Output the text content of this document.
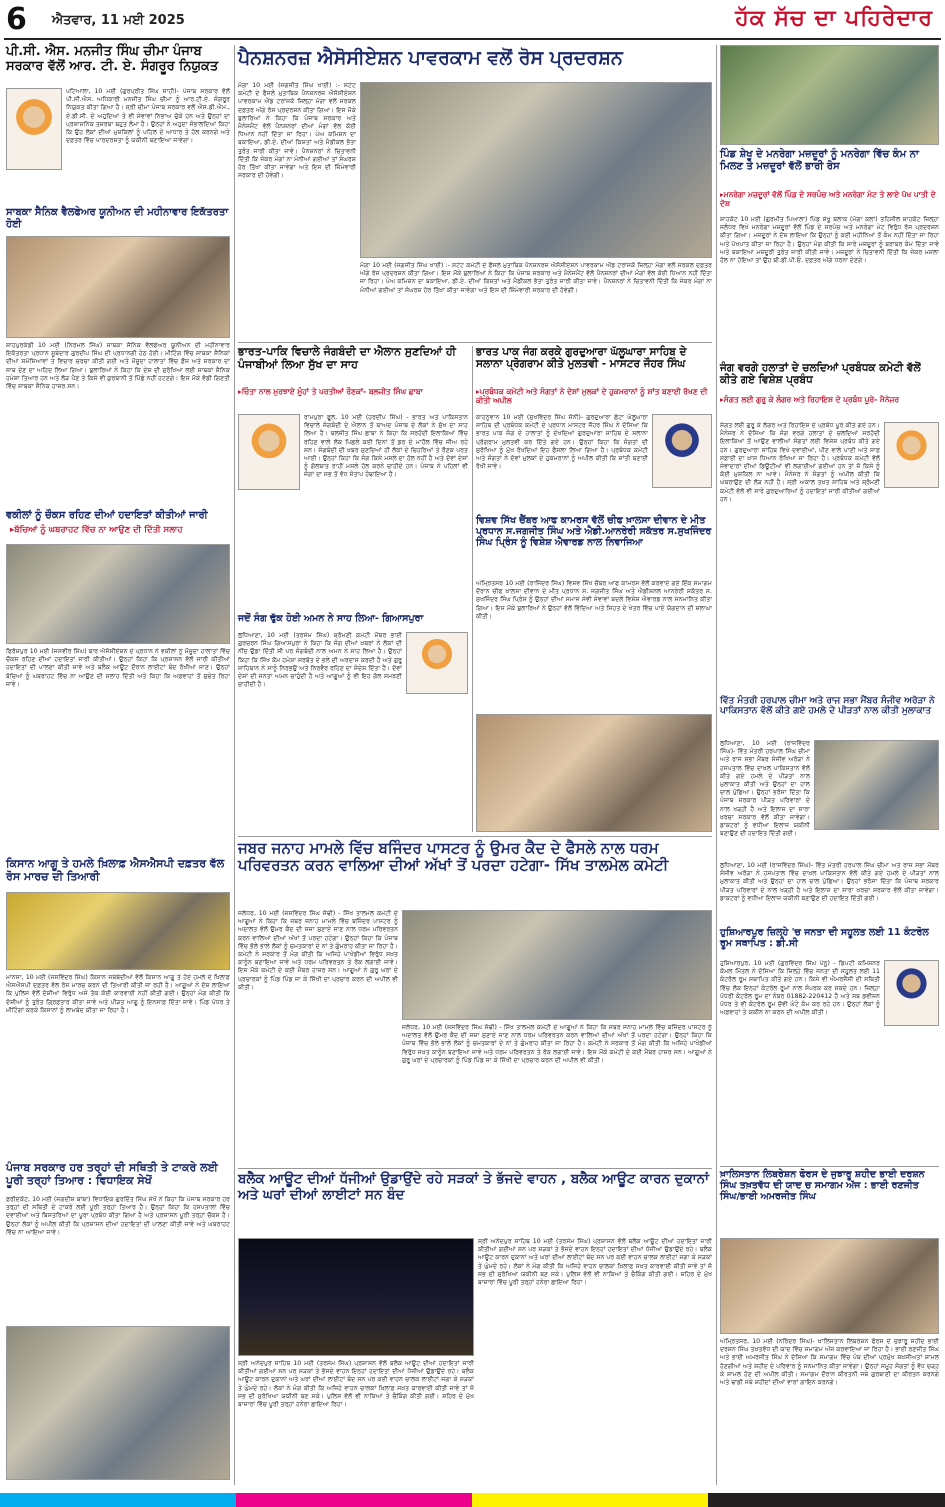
6 ਐਤਵਾਰ, 11 ਮਈ 2025	ਹੱਕ ਸੱਚ ਦਾ ਪਹਿਰੇਦਾਰ
ਪੀ.ਸੀ. ਐਸ. ਮਨਜੀਤ ਸਿੰਘ ਚੀਮਾ ਪੰਜਾਬ ਸਰਕਾਰ ਵੱਲੋਂ ਆਰ. ਟੀ. ਏ. ਸੰਗਰੂਰ ਨਿਯੁਕਤ
ਪਟਿਆਲਾ, 10 ਮਈ (ਗੁਰਪ੍ਰੀਤ ਸਿੰਘ ਸਾਹੀ)- ਪੰਜਾਬ ਸਰਕਾਰ ਵੱਲੋਂ ਪੀ.ਸੀ.ਐਸ. ਅਧਿਕਾਰੀ ਮਨਜੀਤ ਸਿੰਘ ਚੀਮਾ ਨੂੰ ਆਰ.ਟੀ.ਏ. ਸੰਗਰੂਰ ਨਿਯੁਕਤ ਕੀਤਾ ਗਿਆ ਹੈ। ਸ੍ਰੀ ਚੀਮਾ ਪੰਜਾਬ ਸਰਕਾਰ ਵਲੋਂ ਐਸ.ਡੀ.ਐਮ., ਏ.ਡੀ.ਸੀ. ਦੇ ਅਹੁਦਿਆਂ ਤੇ ਵੀ ਸੇਵਾਵਾਂ ਨਿਭਾਅ ਚੁੱਕੇ ਹਨ ਅਤੇ ਉਨ੍ਹਾਂ ਦਾ ਪ੍ਰਸ਼ਾਸਨਿਕ ਤਜ਼ਰਬਾ ਬਹੁਤ ਲੰਮਾ ਹੈ। ਉਨ੍ਹਾਂ ਨੇ ਅਹੁਦਾ ਸੰਭਾਲਦਿਆਂ ਕਿਹਾ ਕਿ ਉਹ ਲੋਕਾਂ ਦੀਆਂ ਮੁਸ਼ਕਿਲਾਂ ਨੂੰ ਪਹਿਲ ਦੇ ਆਧਾਰ ਤੇ ਹੱਲ ਕਰਨਗੇ ਅਤੇ ਦਫ਼ਤਰ ਵਿੱਚ ਪਾਰਦਰਸ਼ਤਾ ਨੂੰ ਯਕੀਨੀ ਬਣਾਇਆ ਜਾਵੇਗਾ।
ਸਾਬਕਾ ਸੈਨਿਕ ਵੈਲਫੇਅਰ ਯੂਨੀਅਨ ਦੀ ਮਹੀਨਾਵਾਰ ਇਕੱਤਰਤਾ ਹੋਈ
ਸ਼ਾਹਪੁਰਕੰਡੀ 10 ਮਈ (ਨਿਰਮਲ ਸਿੰਘ) ਸਾਬਕਾ ਸੈਨਿਕ ਵੈਲਫੇਅਰ ਯੂਨੀਅਨ ਦੀ ਮਹੀਨਾਵਾਰ ਇਕੱਤਰਤਾ ਪ੍ਰਧਾਨ ਸੂਬੇਦਾਰ ਗੁਰਦੀਪ ਸਿੰਘ ਦੀ ਪ੍ਰਧਾਨਗੀ ਹੇਠ ਹੋਈ। ਮੀਟਿੰਗ ਵਿੱਚ ਸਾਬਕਾ ਸੈਨਿਕਾਂ ਦੀਆਂ ਸਮੱਸਿਆਵਾਂ ਤੇ ਵਿਚਾਰ ਚਰਚਾ ਕੀਤੀ ਗਈ ਅਤੇ ਮੌਜੂਦਾ ਹਾਲਾਤਾਂ ਵਿੱਚ ਫ਼ੌਜ ਅਤੇ ਸਰਕਾਰ ਦਾ ਸਾਥ ਦੇਣ ਦਾ ਅਹਿਦ ਲਿਆ ਗਿਆ। ਬੁਲਾਰਿਆਂ ਨੇ ਕਿਹਾ ਕਿ ਦੇਸ਼ ਦੀ ਸੁਰੱਖਿਆ ਲਈ ਸਾਬਕਾ ਸੈਨਿਕ ਹਮੇਸ਼ਾ ਤਿਆਰ ਹਨ ਅਤੇ ਲੋੜ ਪੈਣ ਤੇ ਕਿਸੇ ਵੀ ਕੁਰਬਾਨੀ ਤੋਂ ਪਿੱਛੇ ਨਹੀਂ ਹਟਣਗੇ। ਇਸ ਮੌਕੇ ਵੱਡੀ ਗਿਣਤੀ ਵਿੱਚ ਸਾਬਕਾ ਸੈਨਿਕ ਹਾਜ਼ਰ ਸਨ।
ਵਕੀਲਾਂ ਨੂੰ ਚੌਕਸ ਰਹਿਣ ਦੀਆਂ ਹਦਾਇਤਾਂ ਕੀਤੀਆਂ ਜਾਰੀ
▸ ਬੱਚਿਆਂ ਨੂੰ ਘਬਰਾਹਟ ਵਿੱਚ ਨਾ ਆਉਣ ਦੀ ਦਿੱਤੀ ਸਲਾਹ
ਫਿਰੋਜ਼ਪੁਰ 10 ਮਈ (ਜਸਵੀਰ ਸਿੰਘ) ਬਾਰ ਐਸੋਸੀਏਸ਼ਨ ਦੇ ਪ੍ਰਧਾਨ ਨੇ ਵਕੀਲਾਂ ਨੂੰ ਮੌਜੂਦਾ ਹਾਲਾਤਾਂ ਵਿੱਚ ਚੌਕਸ ਰਹਿਣ ਦੀਆਂ ਹਦਾਇਤਾਂ ਜਾਰੀ ਕੀਤੀਆਂ। ਉਨ੍ਹਾਂ ਕਿਹਾ ਕਿ ਪ੍ਰਸ਼ਾਸਨ ਵੱਲੋਂ ਜਾਰੀ ਕੀਤੀਆਂ ਹਦਾਇਤਾਂ ਦੀ ਪਾਲਣਾ ਕੀਤੀ ਜਾਵੇ ਅਤੇ ਬਲੈਕ ਆਊਟ ਦੌਰਾਨ ਲਾਈਟਾਂ ਬੰਦ ਰੱਖੀਆਂ ਜਾਣ। ਉਨ੍ਹਾਂ ਬੱਚਿਆਂ ਨੂੰ ਘਬਰਾਹਟ ਵਿੱਚ ਨਾ ਆਉਣ ਦੀ ਸਲਾਹ ਦਿੱਤੀ ਅਤੇ ਕਿਹਾ ਕਿ ਅਫ਼ਵਾਹਾਂ ਤੋਂ ਸੁਚੇਤ ਰਿਹਾ ਜਾਵੇ।
ਕਿਸਾਨ ਆਗੂ ਤੇ ਹਮਲੇ ਖ਼ਿਲਾਫ਼ ਐਸਐਸਪੀ ਦਫ਼ਤਰ ਵੱਲ ਰੋਸ ਮਾਰਚ ਦੀ ਤਿਆਰੀ
ਮਾਨਸਾ, 10 ਮਈ (ਜਸਵਿੰਦਰ ਸਿੰਘ) ਕਿਸਾਨ ਜਥੇਬੰਦੀਆਂ ਵੱਲੋਂ ਕਿਸਾਨ ਆਗੂ ਤੇ ਹੋਏ ਹਮਲੇ ਦੇ ਖ਼ਿਲਾਫ਼ ਐਸਐਸਪੀ ਦਫ਼ਤਰ ਵੱਲ ਰੋਸ ਮਾਰਚ ਕਰਨ ਦੀ ਤਿਆਰੀ ਕੀਤੀ ਜਾ ਰਹੀ ਹੈ। ਆਗੂਆਂ ਨੇ ਦੋਸ਼ ਲਾਇਆ ਕਿ ਪੁਲਿਸ ਵੱਲੋਂ ਦੋਸ਼ੀਆਂ ਵਿਰੁੱਧ ਅਜੇ ਤੱਕ ਕੋਈ ਕਾਰਵਾਈ ਨਹੀਂ ਕੀਤੀ ਗਈ। ਉਨ੍ਹਾਂ ਮੰਗ ਕੀਤੀ ਕਿ ਦੋਸ਼ੀਆਂ ਨੂੰ ਤੁਰੰਤ ਗ੍ਰਿਫ਼ਤਾਰ ਕੀਤਾ ਜਾਵੇ ਅਤੇ ਪੀੜਤ ਆਗੂ ਨੂੰ ਇਨਸਾਫ਼ ਦਿੱਤਾ ਜਾਵੇ। ਪਿੰਡ ਪੱਧਰ ਤੇ ਮੀਟਿੰਗਾਂ ਕਰਕੇ ਕਿਸਾਨਾਂ ਨੂੰ ਲਾਮਬੰਦ ਕੀਤਾ ਜਾ ਰਿਹਾ ਹੈ।
ਪੰਜਾਬ ਸਰਕਾਰ ਹਰ ਤਰ੍ਹਾਂ ਦੀ ਸਥਿਤੀ ਤੇ ਟਾਕਰੇ ਲਈ ਪੂਰੀ ਤਰ੍ਹਾਂ ਤਿਆਰ : ਵਿਧਾਇਕ ਸੇਖੋਂ
ਫ਼ਰੀਦਕੋਟ, 10 ਮਈ (ਜਗਦੀਸ਼ ਬਾਂਬਾ) ਵਿਧਾਇਕ ਗੁਰਦਿੱਤ ਸਿੰਘ ਸੇਖੋਂ ਨੇ ਕਿਹਾ ਕਿ ਪੰਜਾਬ ਸਰਕਾਰ ਹਰ ਤਰ੍ਹਾਂ ਦੀ ਸਥਿਤੀ ਦੇ ਟਾਕਰੇ ਲਈ ਪੂਰੀ ਤਰ੍ਹਾਂ ਤਿਆਰ ਹੈ। ਉਨ੍ਹਾਂ ਕਿਹਾ ਕਿ ਹਸਪਤਾਲਾਂ ਵਿੱਚ ਦਵਾਈਆਂ ਅਤੇ ਬਿਸਤਰਿਆਂ ਦਾ ਪੂਰਾ ਪ੍ਰਬੰਧ ਕੀਤਾ ਗਿਆ ਹੈ ਅਤੇ ਪ੍ਰਸ਼ਾਸਨ ਪੂਰੀ ਤਰ੍ਹਾਂ ਚੌਕਸ ਹੈ। ਉਨ੍ਹਾਂ ਲੋਕਾਂ ਨੂੰ ਅਪੀਲ ਕੀਤੀ ਕਿ ਪ੍ਰਸ਼ਾਸਨ ਦੀਆਂ ਹਦਾਇਤਾਂ ਦੀ ਪਾਲਣਾ ਕੀਤੀ ਜਾਵੇ ਅਤੇ ਘਬਰਾਹਟ ਵਿੱਚ ਨਾ ਆਇਆ ਜਾਵੇ।
ਪੈਨਸ਼ਨਰਜ਼ ਐਸੋਸੀਏਸ਼ਨ ਪਾਵਰਕਾਮ ਵਲੋਂ ਰੋਸ ਪ੍ਰਦਰਸ਼ਨ
ਮੋਗਾ 10 ਮਈ (ਜਗਜੀਤ ਸਿੰਘ ਖਾਈ) :- ਸਟੇਟ ਕਮੇਟੀ ਦੇ ਫੈਸਲੇ ਮੁਤਾਬਿਕ ਪੈਨਸ਼ਨਰਜ਼ ਐਸੋਸੀਏਸ਼ਨ ਪਾਵਰਕਾਮ ਐਂਡ ਟਰਾਂਸਕੋ ਜ਼ਿਲ੍ਹਾ ਮੋਗਾ ਵਲੋਂ ਸਰਕਲ ਦਫ਼ਤਰ ਅੱਗੇ ਰੋਸ ਪ੍ਰਦਰਸ਼ਨ ਕੀਤਾ ਗਿਆ। ਇਸ ਮੌਕੇ ਬੁਲਾਰਿਆਂ ਨੇ ਕਿਹਾ ਕਿ ਪੰਜਾਬ ਸਰਕਾਰ ਅਤੇ ਮੈਨੇਜਮੈਂਟ ਵੱਲੋਂ ਪੈਨਸ਼ਨਰਾਂ ਦੀਆਂ ਮੰਗਾਂ ਵੱਲ ਕੋਈ ਧਿਆਨ ਨਹੀਂ ਦਿੱਤਾ ਜਾ ਰਿਹਾ। ਪੇਅ ਕਮਿਸ਼ਨ ਦਾ ਬਕਾਇਆ, ਡੀ.ਏ. ਦੀਆਂ ਕਿਸ਼ਤਾਂ ਅਤੇ ਮੈਡੀਕਲ ਭੱਤਾ ਤੁਰੰਤ ਜਾਰੀ ਕੀਤਾ ਜਾਵੇ। ਪੈਨਸ਼ਨਰਾਂ ਨੇ ਚਿਤਾਵਨੀ ਦਿੱਤੀ ਕਿ ਜੇਕਰ ਮੰਗਾਂ ਨਾ ਮੰਨੀਆਂ ਗਈਆਂ ਤਾਂ ਸੰਘਰਸ਼ ਹੋਰ ਤਿੱਖਾ ਕੀਤਾ ਜਾਵੇਗਾ ਅਤੇ ਇਸ ਦੀ ਜ਼ਿੰਮੇਵਾਰੀ ਸਰਕਾਰ ਦੀ ਹੋਵੇਗੀ।
ਮੋਗਾ 10 ਮਈ (ਜਗਜੀਤ ਸਿੰਘ ਖਾਈ) :- ਸਟੇਟ ਕਮੇਟੀ ਦੇ ਫੈਸਲੇ ਮੁਤਾਬਿਕ ਪੈਨਸ਼ਨਰਜ਼ ਐਸੋਸੀਏਸ਼ਨ ਪਾਵਰਕਾਮ ਐਂਡ ਟਰਾਂਸਕੋ ਜ਼ਿਲ੍ਹਾ ਮੋਗਾ ਵਲੋਂ ਸਰਕਲ ਦਫ਼ਤਰ ਅੱਗੇ ਰੋਸ ਪ੍ਰਦਰਸ਼ਨ ਕੀਤਾ ਗਿਆ। ਇਸ ਮੌਕੇ ਬੁਲਾਰਿਆਂ ਨੇ ਕਿਹਾ ਕਿ ਪੰਜਾਬ ਸਰਕਾਰ ਅਤੇ ਮੈਨੇਜਮੈਂਟ ਵੱਲੋਂ ਪੈਨਸ਼ਨਰਾਂ ਦੀਆਂ ਮੰਗਾਂ ਵੱਲ ਕੋਈ ਧਿਆਨ ਨਹੀਂ ਦਿੱਤਾ ਜਾ ਰਿਹਾ। ਪੇਅ ਕਮਿਸ਼ਨ ਦਾ ਬਕਾਇਆ, ਡੀ.ਏ. ਦੀਆਂ ਕਿਸ਼ਤਾਂ ਅਤੇ ਮੈਡੀਕਲ ਭੱਤਾ ਤੁਰੰਤ ਜਾਰੀ ਕੀਤਾ ਜਾਵੇ। ਪੈਨਸ਼ਨਰਾਂ ਨੇ ਚਿਤਾਵਨੀ ਦਿੱਤੀ ਕਿ ਜੇਕਰ ਮੰਗਾਂ ਨਾ ਮੰਨੀਆਂ ਗਈਆਂ ਤਾਂ ਸੰਘਰਸ਼ ਹੋਰ ਤਿੱਖਾ ਕੀਤਾ ਜਾਵੇਗਾ ਅਤੇ ਇਸ ਦੀ ਜ਼ਿੰਮੇਵਾਰੀ ਸਰਕਾਰ ਦੀ ਹੋਵੇਗੀ।
ਭਾਰਤ-ਪਾਕਿ ਵਿਚਾਲੇ ਜੰਗਬੰਦੀ ਦਾ ਐਲਾਨ ਸੁਣਦਿਆਂ ਹੀ ਪੰਜਾਬੀਆਂ ਲਿਆ ਸੁੱਖ ਦਾ ਸਾਹ
▸ ਚਿੰਤਾ ਨਾਲ ਮੁਰਝਾਏ ਮੂੰਹਾਂ ਤੇ ਪਰਤੀਆਂ ਰੌਣਕਾਂ- ਬਲਜੀਤ ਸਿੰਘ ਛਾਬਾ
ਰਾਮਪੁਰਾ ਫੂਲ, 10 ਮਈ (ਹਰਦੀਪ ਸਿੰਘ) - ਭਾਰਤ ਅਤੇ ਪਾਕਿਸਤਾਨ ਵਿਚਾਲੇ ਜੰਗਬੰਦੀ ਦੇ ਐਲਾਨ ਤੋਂ ਬਾਅਦ ਪੰਜਾਬ ਦੇ ਲੋਕਾਂ ਨੇ ਸੁੱਖ ਦਾ ਸਾਹ ਲਿਆ ਹੈ। ਬਲਜੀਤ ਸਿੰਘ ਛਾਬਾ ਨੇ ਕਿਹਾ ਕਿ ਸਰਹੱਦੀ ਇਲਾਕਿਆਂ ਵਿੱਚ ਰਹਿਣ ਵਾਲੇ ਲੋਕ ਪਿਛਲੇ ਕਈ ਦਿਨਾਂ ਤੋਂ ਡਰ ਦੇ ਮਾਹੌਲ ਵਿੱਚ ਜੀਅ ਰਹੇ ਸਨ। ਜੰਗਬੰਦੀ ਦੀ ਖ਼ਬਰ ਸੁਣਦਿਆਂ ਹੀ ਲੋਕਾਂ ਦੇ ਚਿਹਰਿਆਂ ਤੇ ਰੌਣਕ ਪਰਤ ਆਈ। ਉਨ੍ਹਾਂ ਕਿਹਾ ਕਿ ਜੰਗ ਕਿਸੇ ਮਸਲੇ ਦਾ ਹੱਲ ਨਹੀਂ ਹੈ ਅਤੇ ਦੋਵਾਂ ਦੇਸ਼ਾਂ ਨੂੰ ਗੱਲਬਾਤ ਰਾਹੀਂ ਮਸਲੇ ਹੱਲ ਕਰਨੇ ਚਾਹੀਦੇ ਹਨ। ਪੰਜਾਬ ਨੇ ਪਹਿਲਾਂ ਵੀ ਜੰਗਾਂ ਦਾ ਸਭ ਤੋਂ ਵੱਧ ਸੰਤਾਪ ਹੰਢਾਇਆ ਹੈ।
ਜਦੋਂ ਸੰਗ ਢੁੱਕ ਹੋਈ ਅਮਨ ਨੇ ਸਾਹ ਲਿਆ- ਗਿਆਸਪੁਰਾ
ਲੁਧਿਆਣਾ, 10 ਮਈ (ਤਰਸੇਮ ਸਿੰਘ) ਸ਼੍ਰੋਮਣੀ ਕਮੇਟੀ ਮੈਂਬਰ ਭਾਈ ਗੁਰਚਰਨ ਸਿੰਘ ਗਿਆਸਪੁਰਾ ਨੇ ਕਿਹਾ ਕਿ ਜੰਗ ਦੀਆਂ ਖ਼ਬਰਾਂ ਨੇ ਲੋਕਾਂ ਦੀ ਨੀਂਦ ਉਡਾ ਦਿੱਤੀ ਸੀ ਪਰ ਜੰਗਬੰਦੀ ਨਾਲ ਅਮਨ ਨੇ ਸਾਹ ਲਿਆ ਹੈ। ਉਨ੍ਹਾਂ ਕਿਹਾ ਕਿ ਸਿੱਖ ਕੌਮ ਹਮੇਸ਼ਾ ਸਰਬੱਤ ਦੇ ਭਲੇ ਦੀ ਅਰਦਾਸ ਕਰਦੀ ਹੈ ਅਤੇ ਗੁਰੂ ਸਾਹਿਬਾਨ ਨੇ ਸਾਨੂੰ ਨਿਰਭਉ ਅਤੇ ਨਿਰਵੈਰ ਰਹਿਣ ਦਾ ਸੰਦੇਸ਼ ਦਿੱਤਾ ਹੈ। ਦੋਵਾਂ ਦੇਸ਼ਾਂ ਦੀ ਜਨਤਾ ਅਮਨ ਚਾਹੁੰਦੀ ਹੈ ਅਤੇ ਆਗੂਆਂ ਨੂੰ ਵੀ ਇਹ ਗੱਲ ਸਮਝਣੀ ਚਾਹੀਦੀ ਹੈ।
ਭਾਰਤ ਪਾਕ ਜੰਗ ਕਰਕੇ ਗੁਰਦੁਆਰਾ ਘੱਲੂਘਾਰਾ ਸਾਹਿਬ ਦੇ ਸਲਾਨਾ ਪ੍ਰੋਗਰਾਮ ਕੀਤੇ ਮੁਲਤਵੀ - ਮਾਸਟਰ ਜੌਹਰ ਸਿੰਘ
▸ ਪ੍ਰਬੰਧਕ ਕਮੇਟੀ ਅਤੇ ਸੰਗਤਾਂ ਨੇ ਦੇਸ਼ਾਂ ਮੁਲਕਾਂ ਦੇ ਹੁਕਮਰਾਨਾਂ ਨੂੰ ਸ਼ਾਂਤ ਬਣਾਈ ਰੱਖਣ ਦੀ ਕੀਤੀ ਅਪੀਲ
ਕਾਹਨੂੰਵਾਨ 10 ਮਈ (ਸੁਖਵਿੰਦਰ ਸਿੰਘ ਸੋਨੀ)- ਗੁਰਦੁਆਰਾ ਛੋਟਾ ਘੱਲੂਘਾਰਾ ਸਾਹਿਬ ਦੀ ਪ੍ਰਬੰਧਕ ਕਮੇਟੀ ਦੇ ਪ੍ਰਧਾਨ ਮਾਸਟਰ ਜੌਹਰ ਸਿੰਘ ਨੇ ਦੱਸਿਆ ਕਿ ਭਾਰਤ ਪਾਕ ਜੰਗ ਦੇ ਹਾਲਾਤਾਂ ਨੂੰ ਦੇਖਦਿਆਂ ਗੁਰਦੁਆਰਾ ਸਾਹਿਬ ਦੇ ਸਲਾਨਾ ਪ੍ਰੋਗਰਾਮ ਮੁਲਤਵੀ ਕਰ ਦਿੱਤੇ ਗਏ ਹਨ। ਉਨ੍ਹਾਂ ਕਿਹਾ ਕਿ ਸੰਗਤਾਂ ਦੀ ਸੁਰੱਖਿਆ ਨੂੰ ਮੁੱਖ ਰੱਖਦਿਆਂ ਇਹ ਫੈਸਲਾ ਲਿਆ ਗਿਆ ਹੈ। ਪ੍ਰਬੰਧਕ ਕਮੇਟੀ ਅਤੇ ਸੰਗਤਾਂ ਨੇ ਦੋਵਾਂ ਮੁਲਕਾਂ ਦੇ ਹੁਕਮਰਾਨਾਂ ਨੂੰ ਅਪੀਲ ਕੀਤੀ ਕਿ ਸ਼ਾਂਤੀ ਬਣਾਈ ਰੱਖੀ ਜਾਵੇ।
ਵਿਸ਼ਵ ਸਿੱਖ ਚੈਂਬਰ ਆਫ ਕਾਮਰਸ ਵੱਲੋਂ ਚੀਫ ਖ਼ਾਲਸਾ ਦੀਵਾਨ ਦੇ ਮੀਤ ਪ੍ਰਧਾਨ ਸ.ਜਗਜੀਤ ਸਿੰਘ ਅਤੇ ਐਡੀ.ਆਨਰੇਰੀ ਸਕੱਤਰ ਸ.ਸੁਖਜਿੰਦਰ ਸਿੰਘ ਪ੍ਰਿੰਸ ਨੂੰ ਵਿਸ਼ੇਸ਼ ਐਵਾਰਡ ਨਾਲ ਨਿਵਾਜਿਆ
ਅੰਮ੍ਰਿਤਸਰ 10 ਮਈ (ਰਾਜਿੰਦਰ ਸਿੰਘ) ਵਿਸ਼ਵ ਸਿੱਖ ਚੈਂਬਰ ਆਫ ਕਾਮਰਸ ਵੱਲੋਂ ਕਰਵਾਏ ਗਏ ਇੱਕ ਸਮਾਗਮ ਦੌਰਾਨ ਚੀਫ ਖ਼ਾਲਸਾ ਦੀਵਾਨ ਦੇ ਮੀਤ ਪ੍ਰਧਾਨ ਸ. ਜਗਜੀਤ ਸਿੰਘ ਅਤੇ ਐਡੀਸ਼ਨਲ ਆਨਰੇਰੀ ਸਕੱਤਰ ਸ. ਸੁਖਜਿੰਦਰ ਸਿੰਘ ਪ੍ਰਿੰਸ ਨੂੰ ਉਨ੍ਹਾਂ ਦੀਆਂ ਸਮਾਜ ਸੇਵੀ ਸੇਵਾਵਾਂ ਬਦਲੇ ਵਿਸ਼ੇਸ਼ ਐਵਾਰਡ ਨਾਲ ਸਨਮਾਨਿਤ ਕੀਤਾ ਗਿਆ। ਇਸ ਮੌਕੇ ਬੁਲਾਰਿਆਂ ਨੇ ਉਨ੍ਹਾਂ ਵੱਲੋਂ ਵਿੱਦਿਆ ਅਤੇ ਸਿਹਤ ਦੇ ਖੇਤਰ ਵਿੱਚ ਪਾਏ ਯੋਗਦਾਨ ਦੀ ਸ਼ਲਾਘਾ ਕੀਤੀ।
ਜਬਰ ਜਨਾਹ ਮਾਮਲੇ ਵਿੱਚ ਬਜਿੰਦਰ ਪਾਸਟਰ ਨੂੰ ਉਮਰ ਕੈਦ ਦੇ ਫੈਸਲੇ ਨਾਲ ਧਰਮ ਪਰਿਵਰਤਨ ਕਰਨ ਵਾਲਿਆ ਦੀਆਂ ਅੱਖਾਂ ਤੋਂ ਪਰਦਾ ਹਟੇਗਾ- ਸਿੱਖ ਤਾਲਮੇਲ ਕਮੇਟੀ
ਜਲੰਧਰ, 10 ਮਈ (ਜਸਵਿੰਦਰ ਸਿੰਘ ਸੋਢੀ) - ਸਿੱਖ ਤਾਲਮੇਲ ਕਮੇਟੀ ਦੇ ਆਗੂਆਂ ਨੇ ਕਿਹਾ ਕਿ ਜਬਰ ਜਨਾਹ ਮਾਮਲੇ ਵਿੱਚ ਬਜਿੰਦਰ ਪਾਸਟਰ ਨੂੰ ਅਦਾਲਤ ਵੱਲੋਂ ਉਮਰ ਕੈਦ ਦੀ ਸਜ਼ਾ ਸੁਣਾਏ ਜਾਣ ਨਾਲ ਧਰਮ ਪਰਿਵਰਤਨ ਕਰਨ ਵਾਲਿਆਂ ਦੀਆਂ ਅੱਖਾਂ ਤੋਂ ਪਰਦਾ ਹਟੇਗਾ। ਉਨ੍ਹਾਂ ਕਿਹਾ ਕਿ ਪੰਜਾਬ ਵਿੱਚ ਭੋਲੇ ਭਾਲੇ ਲੋਕਾਂ ਨੂੰ ਚਮਤਕਾਰਾਂ ਦੇ ਨਾਂ ਤੇ ਗੁੰਮਰਾਹ ਕੀਤਾ ਜਾ ਰਿਹਾ ਹੈ। ਕਮੇਟੀ ਨੇ ਸਰਕਾਰ ਤੋਂ ਮੰਗ ਕੀਤੀ ਕਿ ਅਜਿਹੇ ਪਾਖੰਡੀਆਂ ਵਿਰੁੱਧ ਸਖ਼ਤ ਕਾਨੂੰਨ ਬਣਾਇਆ ਜਾਵੇ ਅਤੇ ਧਰਮ ਪਰਿਵਰਤਨ ਤੇ ਰੋਕ ਲਗਾਈ ਜਾਵੇ। ਇਸ ਮੌਕੇ ਕਮੇਟੀ ਦੇ ਕਈ ਮੈਂਬਰ ਹਾਜ਼ਰ ਸਨ। ਆਗੂਆਂ ਨੇ ਗੁਰੂ ਘਰਾਂ ਦੇ ਪ੍ਰਚਾਰਕਾਂ ਨੂੰ ਪਿੰਡ ਪਿੰਡ ਜਾ ਕੇ ਸਿੱਖੀ ਦਾ ਪ੍ਰਚਾਰ ਕਰਨ ਦੀ ਅਪੀਲ ਵੀ ਕੀਤੀ।
ਜਲੰਧਰ, 10 ਮਈ (ਜਸਵਿੰਦਰ ਸਿੰਘ ਸੋਢੀ) - ਸਿੱਖ ਤਾਲਮੇਲ ਕਮੇਟੀ ਦੇ ਆਗੂਆਂ ਨੇ ਕਿਹਾ ਕਿ ਜਬਰ ਜਨਾਹ ਮਾਮਲੇ ਵਿੱਚ ਬਜਿੰਦਰ ਪਾਸਟਰ ਨੂੰ ਅਦਾਲਤ ਵੱਲੋਂ ਉਮਰ ਕੈਦ ਦੀ ਸਜ਼ਾ ਸੁਣਾਏ ਜਾਣ ਨਾਲ ਧਰਮ ਪਰਿਵਰਤਨ ਕਰਨ ਵਾਲਿਆਂ ਦੀਆਂ ਅੱਖਾਂ ਤੋਂ ਪਰਦਾ ਹਟੇਗਾ। ਉਨ੍ਹਾਂ ਕਿਹਾ ਕਿ ਪੰਜਾਬ ਵਿੱਚ ਭੋਲੇ ਭਾਲੇ ਲੋਕਾਂ ਨੂੰ ਚਮਤਕਾਰਾਂ ਦੇ ਨਾਂ ਤੇ ਗੁੰਮਰਾਹ ਕੀਤਾ ਜਾ ਰਿਹਾ ਹੈ। ਕਮੇਟੀ ਨੇ ਸਰਕਾਰ ਤੋਂ ਮੰਗ ਕੀਤੀ ਕਿ ਅਜਿਹੇ ਪਾਖੰਡੀਆਂ ਵਿਰੁੱਧ ਸਖ਼ਤ ਕਾਨੂੰਨ ਬਣਾਇਆ ਜਾਵੇ ਅਤੇ ਧਰਮ ਪਰਿਵਰਤਨ ਤੇ ਰੋਕ ਲਗਾਈ ਜਾਵੇ। ਇਸ ਮੌਕੇ ਕਮੇਟੀ ਦੇ ਕਈ ਮੈਂਬਰ ਹਾਜ਼ਰ ਸਨ। ਆਗੂਆਂ ਨੇ ਗੁਰੂ ਘਰਾਂ ਦੇ ਪ੍ਰਚਾਰਕਾਂ ਨੂੰ ਪਿੰਡ ਪਿੰਡ ਜਾ ਕੇ ਸਿੱਖੀ ਦਾ ਪ੍ਰਚਾਰ ਕਰਨ ਦੀ ਅਪੀਲ ਵੀ ਕੀਤੀ।
ਬਲੈਕ ਆਊਟ ਦੀਆਂ ਧੱਜੀਆਂ ਉਡਾਉਂਦੇ ਰਹੇ ਸੜਕਾਂ ਤੇ ਭੱਜਦੇ ਵਾਹਨ , ਬਲੈਕ ਆਊਟ ਕਾਰਨ ਦੁਕਾਨਾਂ ਅਤੇ ਘਰਾਂ ਦੀਆਂ ਲਾਈਟਾਂ ਸਨ ਬੰਦ
ਸ੍ਰੀ ਅਨੰਦਪੁਰ ਸਾਹਿਬ 10 ਮਈ (ਤਰਸੇਮ ਸਿੰਘ) ਪ੍ਰਸ਼ਾਸਨ ਵੱਲੋਂ ਬਲੈਕ ਆਊਟ ਦੀਆਂ ਹਦਾਇਤਾਂ ਜਾਰੀ ਕੀਤੀਆਂ ਗਈਆਂ ਸਨ ਪਰ ਸੜਕਾਂ ਤੇ ਭੱਜਦੇ ਵਾਹਨ ਇਨ੍ਹਾਂ ਹਦਾਇਤਾਂ ਦੀਆਂ ਧੱਜੀਆਂ ਉਡਾਉਂਦੇ ਰਹੇ। ਬਲੈਕ ਆਊਟ ਕਾਰਨ ਦੁਕਾਨਾਂ ਅਤੇ ਘਰਾਂ ਦੀਆਂ ਲਾਈਟਾਂ ਬੰਦ ਸਨ ਪਰ ਕਈ ਵਾਹਨ ਚਾਲਕ ਲਾਈਟਾਂ ਜਗਾ ਕੇ ਸੜਕਾਂ ਤੇ ਘੁੰਮਦੇ ਰਹੇ। ਲੋਕਾਂ ਨੇ ਮੰਗ ਕੀਤੀ ਕਿ ਅਜਿਹੇ ਵਾਹਨ ਚਾਲਕਾਂ ਖ਼ਿਲਾਫ਼ ਸਖ਼ਤ ਕਾਰਵਾਈ ਕੀਤੀ ਜਾਵੇ ਤਾਂ ਜੋ ਸਭ ਦੀ ਸੁਰੱਖਿਆ ਯਕੀਨੀ ਬਣ ਸਕੇ। ਪੁਲਿਸ ਵੱਲੋਂ ਵੀ ਨਾਕਿਆਂ ਤੇ ਚੈਕਿੰਗ ਕੀਤੀ ਗਈ। ਸ਼ਹਿਰ ਦੇ ਮੁੱਖ ਬਾਜ਼ਾਰਾਂ ਵਿੱਚ ਪੂਰੀ ਤਰ੍ਹਾਂ ਹਨੇਰਾ ਛਾਇਆ ਰਿਹਾ।
ਸ੍ਰੀ ਅਨੰਦਪੁਰ ਸਾਹਿਬ 10 ਮਈ (ਤਰਸੇਮ ਸਿੰਘ) ਪ੍ਰਸ਼ਾਸਨ ਵੱਲੋਂ ਬਲੈਕ ਆਊਟ ਦੀਆਂ ਹਦਾਇਤਾਂ ਜਾਰੀ ਕੀਤੀਆਂ ਗਈਆਂ ਸਨ ਪਰ ਸੜਕਾਂ ਤੇ ਭੱਜਦੇ ਵਾਹਨ ਇਨ੍ਹਾਂ ਹਦਾਇਤਾਂ ਦੀਆਂ ਧੱਜੀਆਂ ਉਡਾਉਂਦੇ ਰਹੇ। ਬਲੈਕ ਆਊਟ ਕਾਰਨ ਦੁਕਾਨਾਂ ਅਤੇ ਘਰਾਂ ਦੀਆਂ ਲਾਈਟਾਂ ਬੰਦ ਸਨ ਪਰ ਕਈ ਵਾਹਨ ਚਾਲਕ ਲਾਈਟਾਂ ਜਗਾ ਕੇ ਸੜਕਾਂ ਤੇ ਘੁੰਮਦੇ ਰਹੇ। ਲੋਕਾਂ ਨੇ ਮੰਗ ਕੀਤੀ ਕਿ ਅਜਿਹੇ ਵਾਹਨ ਚਾਲਕਾਂ ਖ਼ਿਲਾਫ਼ ਸਖ਼ਤ ਕਾਰਵਾਈ ਕੀਤੀ ਜਾਵੇ ਤਾਂ ਜੋ ਸਭ ਦੀ ਸੁਰੱਖਿਆ ਯਕੀਨੀ ਬਣ ਸਕੇ। ਪੁਲਿਸ ਵੱਲੋਂ ਵੀ ਨਾਕਿਆਂ ਤੇ ਚੈਕਿੰਗ ਕੀਤੀ ਗਈ। ਸ਼ਹਿਰ ਦੇ ਮੁੱਖ ਬਾਜ਼ਾਰਾਂ ਵਿੱਚ ਪੂਰੀ ਤਰ੍ਹਾਂ ਹਨੇਰਾ ਛਾਇਆ ਰਿਹਾ।
ਪਿੰਡ ਸ਼ੇਖੂ ਦੇ ਮਨਰੇਗਾ ਮਜ਼ਦੂਰਾਂ ਨੂੰ ਮਨਰੇਗਾ ਵਿੱਚ ਕੰਮ ਨਾ ਮਿਲਣ ਤੇ ਮਜ਼ਦੂਰਾਂ ਵੱਲੋਂ ਭਾਰੀ ਰੋਸ
▸ ਮਨਰੇਗਾ ਮਜ਼ਦੂਰਾਂ ਵੱਲੋਂ ਪਿੰਡ ਦੇ ਸਰਪੰਚ ਅਤੇ ਮਨਰੇਗਾ ਮੇਟ ਤੇ ਲਾਏ ਪੱਖ ਪਾਤੀ ਦੇ ਦੋਸ਼
ਸ਼ਾਹਕੋਟ 10 ਮਈ (ਗੁਰਮੀਤ ਪਿਆਲਾ) ਪਿੰਡ ਸ਼ੇਖੂ ਬਲਾਕ (ਮੋਗਾ ਕਲਾਂ) ਤਹਿਸੀਲ ਸ਼ਾਹਕੋਟ ਜ਼ਿਲ੍ਹਾ ਜਲੰਧਰ ਵਿਖੇ ਮਨਰੇਗਾ ਮਜ਼ਦੂਰਾਂ ਵੱਲੋਂ ਪਿੰਡ ਦੇ ਸਰਪੰਚ ਅਤੇ ਮਨਰੇਗਾ ਮੇਟ ਵਿਰੁੱਧ ਰੋਸ ਪ੍ਰਦਰਸ਼ਨ ਕੀਤਾ ਗਿਆ। ਮਜ਼ਦੂਰਾਂ ਨੇ ਦੋਸ਼ ਲਾਇਆ ਕਿ ਉਨ੍ਹਾਂ ਨੂੰ ਕਈ ਮਹੀਨਿਆਂ ਤੋਂ ਕੰਮ ਨਹੀਂ ਦਿੱਤਾ ਜਾ ਰਿਹਾ ਅਤੇ ਪੱਖਪਾਤ ਕੀਤਾ ਜਾ ਰਿਹਾ ਹੈ। ਉਨ੍ਹਾਂ ਮੰਗ ਕੀਤੀ ਕਿ ਸਾਰੇ ਮਜ਼ਦੂਰਾਂ ਨੂੰ ਬਰਾਬਰ ਕੰਮ ਦਿੱਤਾ ਜਾਵੇ ਅਤੇ ਬਕਾਇਆ ਮਜ਼ਦੂਰੀ ਤੁਰੰਤ ਜਾਰੀ ਕੀਤੀ ਜਾਵੇ। ਮਜ਼ਦੂਰਾਂ ਨੇ ਚਿਤਾਵਨੀ ਦਿੱਤੀ ਕਿ ਜੇਕਰ ਮਸਲਾ ਹੱਲ ਨਾ ਹੋਇਆ ਤਾਂ ਉਹ ਬੀ.ਡੀ.ਪੀ.ਓ. ਦਫ਼ਤਰ ਅੱਗੇ ਧਰਨਾ ਦੇਣਗੇ।
ਜੰਗ ਵਰਗੇ ਹਲਾਤਾਂ ਦੇ ਚਲਦਿਆਂ ਪ੍ਰਬੰਧਕ ਕਮੇਟੀ ਵੱਲੋਂ ਕੀਤੇ ਗਏ ਵਿਸ਼ੇਸ਼ ਪ੍ਰਬੰਧ
▸ ਸੰਗਤ ਲਈ ਗੁਰੂ ਕੇ ਲੰਗਰ ਅਤੇ ਰਿਹਾਇਸ਼ ਦੇ ਪ੍ਰਬੰਧ ਪੂਰੇ- ਮੈਨੇਜਰ
ਸੰਗਤ ਲਈ ਗੁਰੂ ਕੇ ਲੰਗਰ ਅਤੇ ਰਿਹਾਇਸ਼ ਦੇ ਪ੍ਰਬੰਧ ਪੂਰੇ ਕੀਤੇ ਗਏ ਹਨ। ਮੈਨੇਜਰ ਨੇ ਦੱਸਿਆ ਕਿ ਜੰਗ ਵਰਗੇ ਹਲਾਤਾਂ ਦੇ ਚਲਦਿਆਂ ਸਰਹੱਦੀ ਇਲਾਕਿਆਂ ਤੋਂ ਆਉਣ ਵਾਲੀਆਂ ਸੰਗਤਾਂ ਲਈ ਵਿਸ਼ੇਸ਼ ਪ੍ਰਬੰਧ ਕੀਤੇ ਗਏ ਹਨ। ਗੁਰਦੁਆਰਾ ਸਾਹਿਬ ਵਿਖੇ ਦਵਾਈਆਂ, ਪੀਣ ਵਾਲੇ ਪਾਣੀ ਅਤੇ ਸਾਫ਼ ਸਫ਼ਾਈ ਦਾ ਖ਼ਾਸ ਧਿਆਨ ਰੱਖਿਆ ਜਾ ਰਿਹਾ ਹੈ। ਪ੍ਰਬੰਧਕ ਕਮੇਟੀ ਵੱਲੋਂ ਸੇਵਾਦਾਰਾਂ ਦੀਆਂ ਡਿਊਟੀਆਂ ਵੀ ਲਗਾਈਆਂ ਗਈਆਂ ਹਨ ਤਾਂ ਜੋ ਕਿਸੇ ਨੂੰ ਕੋਈ ਮੁਸ਼ਕਿਲ ਨਾ ਆਵੇ। ਮੈਨੇਜਰ ਨੇ ਸੰਗਤਾਂ ਨੂੰ ਅਪੀਲ ਕੀਤੀ ਕਿ ਘਬਰਾਉਣ ਦੀ ਲੋੜ ਨਹੀਂ ਹੈ। ਸ੍ਰੀ ਅਕਾਲ ਤਖ਼ਤ ਸਾਹਿਬ ਅਤੇ ਸ਼੍ਰੋਮਣੀ ਕਮੇਟੀ ਵੱਲੋਂ ਵੀ ਸਾਰੇ ਗੁਰਦੁਆਰਿਆਂ ਨੂੰ ਹਦਾਇਤਾਂ ਜਾਰੀ ਕੀਤੀਆਂ ਗਈਆਂ ਹਨ।
ਵਿੱਤ ਮੰਤਰੀ ਹਰਪਾਲ ਚੀਮਾ ਅਤੇ ਰਾਜ ਸਭਾ ਮੈਂਬਰ ਸੰਜੀਵ ਅਰੋੜਾ ਨੇ ਪਾਕਿਸਤਾਨ ਵੱਲੋਂ ਕੀਤੇ ਗਏ ਹਮਲੇ ਦੇ ਪੀੜਤਾਂ ਨਾਲ ਕੀਤੀ ਮੁਲਾਕਾਤ
ਲੁਧਿਆਣਾ, 10 ਮਈ (ਰਾਜਵਿੰਦਰ ਸਿੰਘ)- ਵਿੱਤ ਮੰਤਰੀ ਹਰਪਾਲ ਸਿੰਘ ਚੀਮਾ ਅਤੇ ਰਾਜ ਸਭਾ ਮੈਂਬਰ ਸੰਜੀਵ ਅਰੋੜਾ ਨੇ ਹਸਪਤਾਲ ਵਿੱਚ ਦਾਖ਼ਲ ਪਾਕਿਸਤਾਨ ਵੱਲੋਂ ਕੀਤੇ ਗਏ ਹਮਲੇ ਦੇ ਪੀੜਤਾਂ ਨਾਲ ਮੁਲਾਕਾਤ ਕੀਤੀ ਅਤੇ ਉਨ੍ਹਾਂ ਦਾ ਹਾਲ ਚਾਲ ਪੁੱਛਿਆ। ਉਨ੍ਹਾਂ ਭਰੋਸਾ ਦਿੱਤਾ ਕਿ ਪੰਜਾਬ ਸਰਕਾਰ ਪੀੜਤ ਪਰਿਵਾਰਾਂ ਦੇ ਨਾਲ ਖੜ੍ਹੀ ਹੈ ਅਤੇ ਇਲਾਜ ਦਾ ਸਾਰਾ ਖ਼ਰਚਾ ਸਰਕਾਰ ਵੱਲੋਂ ਕੀਤਾ ਜਾਵੇਗਾ। ਡਾਕਟਰਾਂ ਨੂੰ ਵਧੀਆ ਇਲਾਜ ਯਕੀਨੀ ਬਣਾਉਣ ਦੀ ਹਦਾਇਤ ਦਿੱਤੀ ਗਈ।
ਲੁਧਿਆਣਾ, 10 ਮਈ (ਰਾਜਵਿੰਦਰ ਸਿੰਘ)- ਵਿੱਤ ਮੰਤਰੀ ਹਰਪਾਲ ਸਿੰਘ ਚੀਮਾ ਅਤੇ ਰਾਜ ਸਭਾ ਮੈਂਬਰ ਸੰਜੀਵ ਅਰੋੜਾ ਨੇ ਹਸਪਤਾਲ ਵਿੱਚ ਦਾਖ਼ਲ ਪਾਕਿਸਤਾਨ ਵੱਲੋਂ ਕੀਤੇ ਗਏ ਹਮਲੇ ਦੇ ਪੀੜਤਾਂ ਨਾਲ ਮੁਲਾਕਾਤ ਕੀਤੀ ਅਤੇ ਉਨ੍ਹਾਂ ਦਾ ਹਾਲ ਚਾਲ ਪੁੱਛਿਆ। ਉਨ੍ਹਾਂ ਭਰੋਸਾ ਦਿੱਤਾ ਕਿ ਪੰਜਾਬ ਸਰਕਾਰ ਪੀੜਤ ਪਰਿਵਾਰਾਂ ਦੇ ਨਾਲ ਖੜ੍ਹੀ ਹੈ ਅਤੇ ਇਲਾਜ ਦਾ ਸਾਰਾ ਖ਼ਰਚਾ ਸਰਕਾਰ ਵੱਲੋਂ ਕੀਤਾ ਜਾਵੇਗਾ। ਡਾਕਟਰਾਂ ਨੂੰ ਵਧੀਆ ਇਲਾਜ ਯਕੀਨੀ ਬਣਾਉਣ ਦੀ ਹਦਾਇਤ ਦਿੱਤੀ ਗਈ।
ਹੁਸ਼ਿਆਰਪੁਰ ਜ਼ਿਲ੍ਹੇ 'ਚ ਜਨਤਾ ਦੀ ਸਹੂਲਤ ਲਈ 11 ਕੰਟਰੋਲ ਰੂਮ ਸਥਾਪਿਤ : ਡੀ.ਸੀ
ਹੁਸ਼ਿਆਰਪੁਰ, 10 ਮਈ (ਗੁਰਵਿੰਦਰ ਸਿੰਘ ਪੰਨੂ) - ਡਿਪਟੀ ਕਮਿਸ਼ਨਰ ਕੋਮਲ ਮਿੱਤਲ ਨੇ ਦੱਸਿਆ ਕਿ ਜ਼ਿਲ੍ਹੇ ਵਿੱਚ ਜਨਤਾ ਦੀ ਸਹੂਲਤ ਲਈ 11 ਕੰਟਰੋਲ ਰੂਮ ਸਥਾਪਿਤ ਕੀਤੇ ਗਏ ਹਨ। ਕਿਸੇ ਵੀ ਐਮਰਜੈਂਸੀ ਦੀ ਸਥਿਤੀ ਵਿੱਚ ਲੋਕ ਇਨ੍ਹਾਂ ਕੰਟਰੋਲ ਰੂਮਾਂ ਨਾਲ ਸੰਪਰਕ ਕਰ ਸਕਦੇ ਹਨ। ਜ਼ਿਲ੍ਹਾ ਪੱਧਰੀ ਕੰਟਰੋਲ ਰੂਮ ਦਾ ਨੰਬਰ 01882-220412 ਹੈ ਅਤੇ ਸਬ ਡਵੀਜ਼ਨ ਪੱਧਰ ਤੇ ਵੀ ਕੰਟਰੋਲ ਰੂਮ ਚੌਵੀ ਘੰਟੇ ਕੰਮ ਕਰ ਰਹੇ ਹਨ। ਉਨ੍ਹਾਂ ਲੋਕਾਂ ਨੂੰ ਅਫ਼ਵਾਹਾਂ ਤੇ ਯਕੀਨ ਨਾ ਕਰਨ ਦੀ ਅਪੀਲ ਕੀਤੀ।
ਖ਼ਾਲਿਸਤਾਨ ਲਿਬਰੇਸ਼ਨ ਫੋਰਸ ਦੇ ਜੁਝਾਰੂ ਸ਼ਹੀਦ ਭਾਈ ਦਰਸ਼ਨ ਸਿੰਘ ਤਖ਼ਤਵੱਧ ਦੀ ਯਾਦ ਚ ਸਮਾਗਮ ਅੱਜ : ਭਾਈ ਰਣਜੀਤ ਸਿੰਘ/ਭਾਈ ਅਮਰਜੀਤ ਸਿੰਘ
ਅੰਮ੍ਰਿਤਸਰ, 10 ਮਈ (ਨਰਿੰਦਰ ਸਿੰਘ)- ਖ਼ਾਲਿਸਤਾਨ ਲਿਬਰੇਸ਼ਨ ਫੋਰਸ ਦੇ ਜੁਝਾਰੂ ਸ਼ਹੀਦ ਭਾਈ ਦਰਸ਼ਨ ਸਿੰਘ ਤਖ਼ਤਵੱਧ ਦੀ ਯਾਦ ਵਿੱਚ ਸਮਾਗਮ ਅੱਜ ਕਰਵਾਇਆ ਜਾ ਰਿਹਾ ਹੈ। ਭਾਈ ਰਣਜੀਤ ਸਿੰਘ ਅਤੇ ਭਾਈ ਅਮਰਜੀਤ ਸਿੰਘ ਨੇ ਦੱਸਿਆ ਕਿ ਸਮਾਗਮ ਵਿੱਚ ਪੰਥ ਦੀਆਂ ਪ੍ਰਮੁੱਖ ਸ਼ਖ਼ਸੀਅਤਾਂ ਸ਼ਾਮਲ ਹੋਣਗੀਆਂ ਅਤੇ ਸ਼ਹੀਦ ਦੇ ਪਰਿਵਾਰ ਨੂੰ ਸਨਮਾਨਿਤ ਕੀਤਾ ਜਾਵੇਗਾ। ਉਨ੍ਹਾਂ ਸਮੂਹ ਸੰਗਤਾਂ ਨੂੰ ਵੱਧ ਚੜ੍ਹ ਕੇ ਸ਼ਾਮਲ ਹੋਣ ਦੀ ਅਪੀਲ ਕੀਤੀ। ਸਮਾਗਮ ਦੌਰਾਨ ਕੀਰਤਨੀ ਜਥੇ ਗੁਰਬਾਣੀ ਦਾ ਕੀਰਤਨ ਕਰਨਗੇ ਅਤੇ ਢਾਡੀ ਜਥੇ ਸ਼ਹੀਦਾਂ ਦੀਆਂ ਵਾਰਾਂ ਗਾਇਨ ਕਰਨਗੇ।
